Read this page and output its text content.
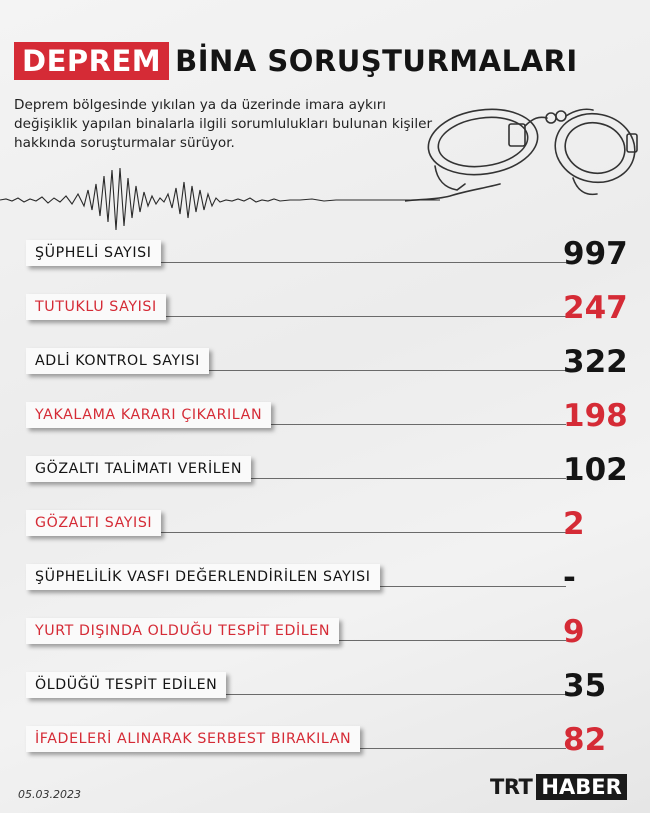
DEPREM BİNA SORUŞTURMALARI
Deprem bölgesinde yıkılan ya da üzerinde imara aykırı değişiklik yapılan binalarla ilgili sorumlulukları bulunan kişiler hakkında soruşturmalar sürüyor.
ŞÜPHELİ SAYISI	997
TUTUKLU SAYISI	247
ADLİ KONTROL SAYISI	322
YAKALAMA KARARI ÇIKARILAN	198
GÖZALTI TALİMATI VERİLEN	102
GÖZALTI SAYISI	2
ŞÜPHELİLİK VASFI DEĞERLENDİRİLEN SAYISI	-
YURT DIŞINDA OLDUĞU TESPİT EDİLEN	9
ÖLDÜĞÜ TESPİT EDİLEN	35
İFADELERİ ALINARAK SERBEST BIRAKILAN	82
05.03.2023	TRT HABER
